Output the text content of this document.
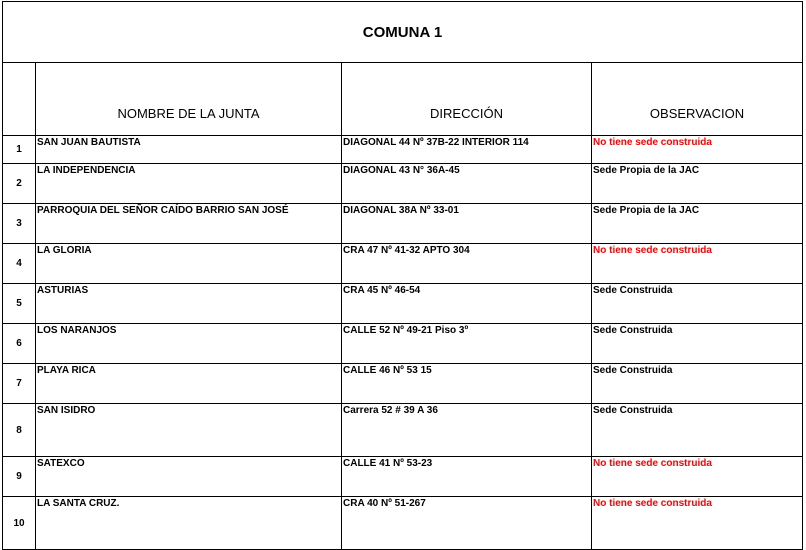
COMUNA 1			
	NOMBRE DE LA JUNTA	DIRECCIÓN	OBSERVACION
1	SAN JUAN BAUTISTA	DIAGONAL 44 Nº 37B-22 INTERIOR 114	No tiene sede construida
2	LA INDEPENDENCIA	DIAGONAL 43 N° 36A-45	Sede Propia de la JAC
3	PARROQUIA DEL SEÑOR CAÍDO BARRIO SAN JOSÉ	DIAGONAL 38A Nº 33-01	Sede Propia de la JAC
4	LA GLORIA	CRA 47 Nº 41-32 APTO 304	No tiene sede construida
5	ASTURIAS	CRA 45 Nº 46-54	Sede Construida
6	LOS NARANJOS	CALLE 52 Nº 49-21 Piso 3º	Sede Construida
7	PLAYA RICA	CALLE 46 Nº 53 15	Sede Construida
8	SAN ISIDRO	Carrera 52 # 39 A 36	Sede Construida
9	SATEXCO	CALLE 41 Nº 53-23	No tiene sede construida
10	LA SANTA CRUZ.	CRA 40 Nº 51-267	No tiene sede construida
